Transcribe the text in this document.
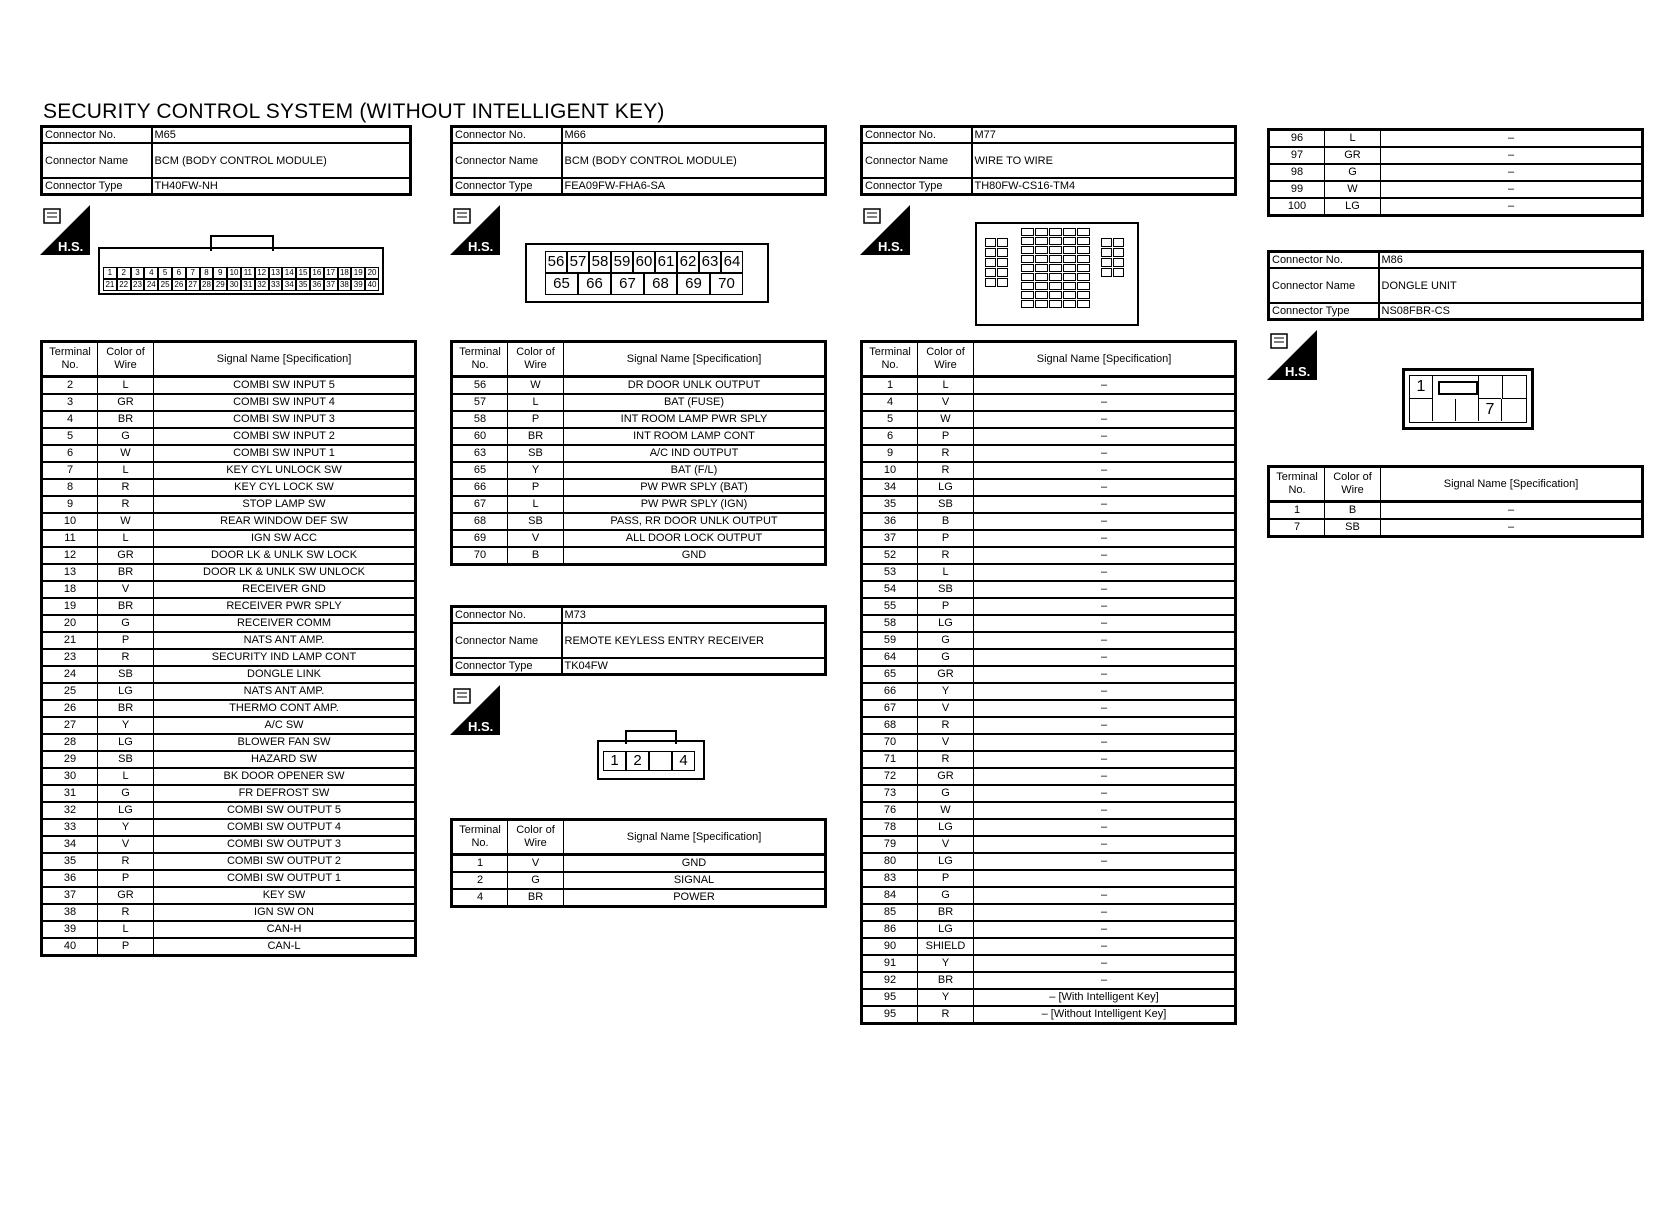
SECURITY CONTROL SYSTEM (WITHOUT INTELLIGENT KEY)
Connector No.	M65
Connector Name	BCM (BODY CONTROL MODULE)
Connector Type	TH40FW-NH
H.S.
1	2	3	4	5	6	7	8	9 10 11 12 13 14 15 16 17 18 19 20
21 22 23 24 25 26 27 28 29 30 31 32 33 34 35 36 37 38 39 40
Terminal No.	Color of Wire	Signal Name [Specification]
2	L	COMBI SW INPUT 5
3	GR	COMBI SW INPUT 4
4	BR	COMBI SW INPUT 3
5	G	COMBI SW INPUT 2
6	W	COMBI SW INPUT 1
7	L	KEY CYL UNLOCK SW
8	R	KEY CYL LOCK SW
9	R	STOP LAMP SW
10	W	REAR WINDOW DEF SW
11	L	IGN SW ACC
12	GR	DOOR LK & UNLK SW LOCK
13	BR	DOOR LK & UNLK SW UNLOCK
18	V	RECEIVER GND
19	BR	RECEIVER PWR SPLY
20	G	RECEIVER COMM
21	P	NATS ANT AMP.
23	R	SECURITY IND LAMP CONT
24	SB	DONGLE LINK
25	LG	NATS ANT AMP.
26	BR	THERMO CONT AMP.
27	Y	A/C SW
28	LG	BLOWER FAN SW
29	SB	HAZARD SW
30	L	BK DOOR OPENER SW
31	G	FR DEFROST SW
32	LG	COMBI SW OUTPUT 5
33	Y	COMBI SW OUTPUT 4
34	V	COMBI SW OUTPUT 3
35	R	COMBI SW OUTPUT 2
36	P	COMBI SW OUTPUT 1
37	GR	KEY SW
38	R	IGN SW ON
39	L	CAN-H
40	P	CAN-L
Connector No.	M66
Connector Name	BCM (BODY CONTROL MODULE)
Connector Type	FEA09FW-FHA6-SA
H.S.
56 57 58 59 60 61 62 63 64
65	66	67	68	69	70
Terminal No.	Color of Wire	Signal Name [Specification]
56	W	DR DOOR UNLK OUTPUT
57	L	BAT (FUSE)
58	P	INT ROOM LAMP PWR SPLY
60	BR	INT ROOM LAMP CONT
63	SB	A/C IND OUTPUT
65	Y	BAT (F/L)
66	P	PW PWR SPLY (BAT)
67	L	PW PWR SPLY (IGN)
68	SB	PASS, RR DOOR UNLK OUTPUT
69	V	ALL DOOR LOCK OUTPUT
70	B	GND
Connector No.	M73
Connector Name	REMOTE KEYLESS ENTRY RECEIVER
Connector Type	TK04FW
H.S.
1 2	4
Terminal No.	Color of Wire	Signal Name [Specification]
1	V	GND
2	G	SIGNAL
4	BR	POWER
Connector No.	M77
Connector Name	WIRE TO WIRE
Connector Type	TH80FW-CS16-TM4
H.S.
Terminal No.	Color of Wire	Signal Name [Specification]
1	L	–
4	V	–
5	W	–
6	P	–
9	R	–
10	R	–
34	LG	–
35	SB	–
36	B	–
37	P	–
52	R	–
53	L	–
54	SB	–
55	P	–
58	LG	–
59	G	–
64	G	–
65	GR	–
66	Y	–
67	V	–
68	R	–
70	V	–
71	R	–
72	GR	–
73	G	–
76	W	–
78	LG	–
79	V	–
80	LG	–
83	P	
84	G	–
85	BR	–
86	LG	–
90	SHIELD	–
91	Y	–
92	BR	–
95	Y	– [With Intelligent Key]
95	R	– [Without Intelligent Key]
96	L	–
97	GR	–
98	G	–
99	W	–
100	LG	–
Connector No.	M86
Connector Name	DONGLE UNIT
Connector Type	NS08FBR-CS
H.S.
1
7
Terminal No.	Color of Wire	Signal Name [Specification]
1	B	–
7	SB	–
